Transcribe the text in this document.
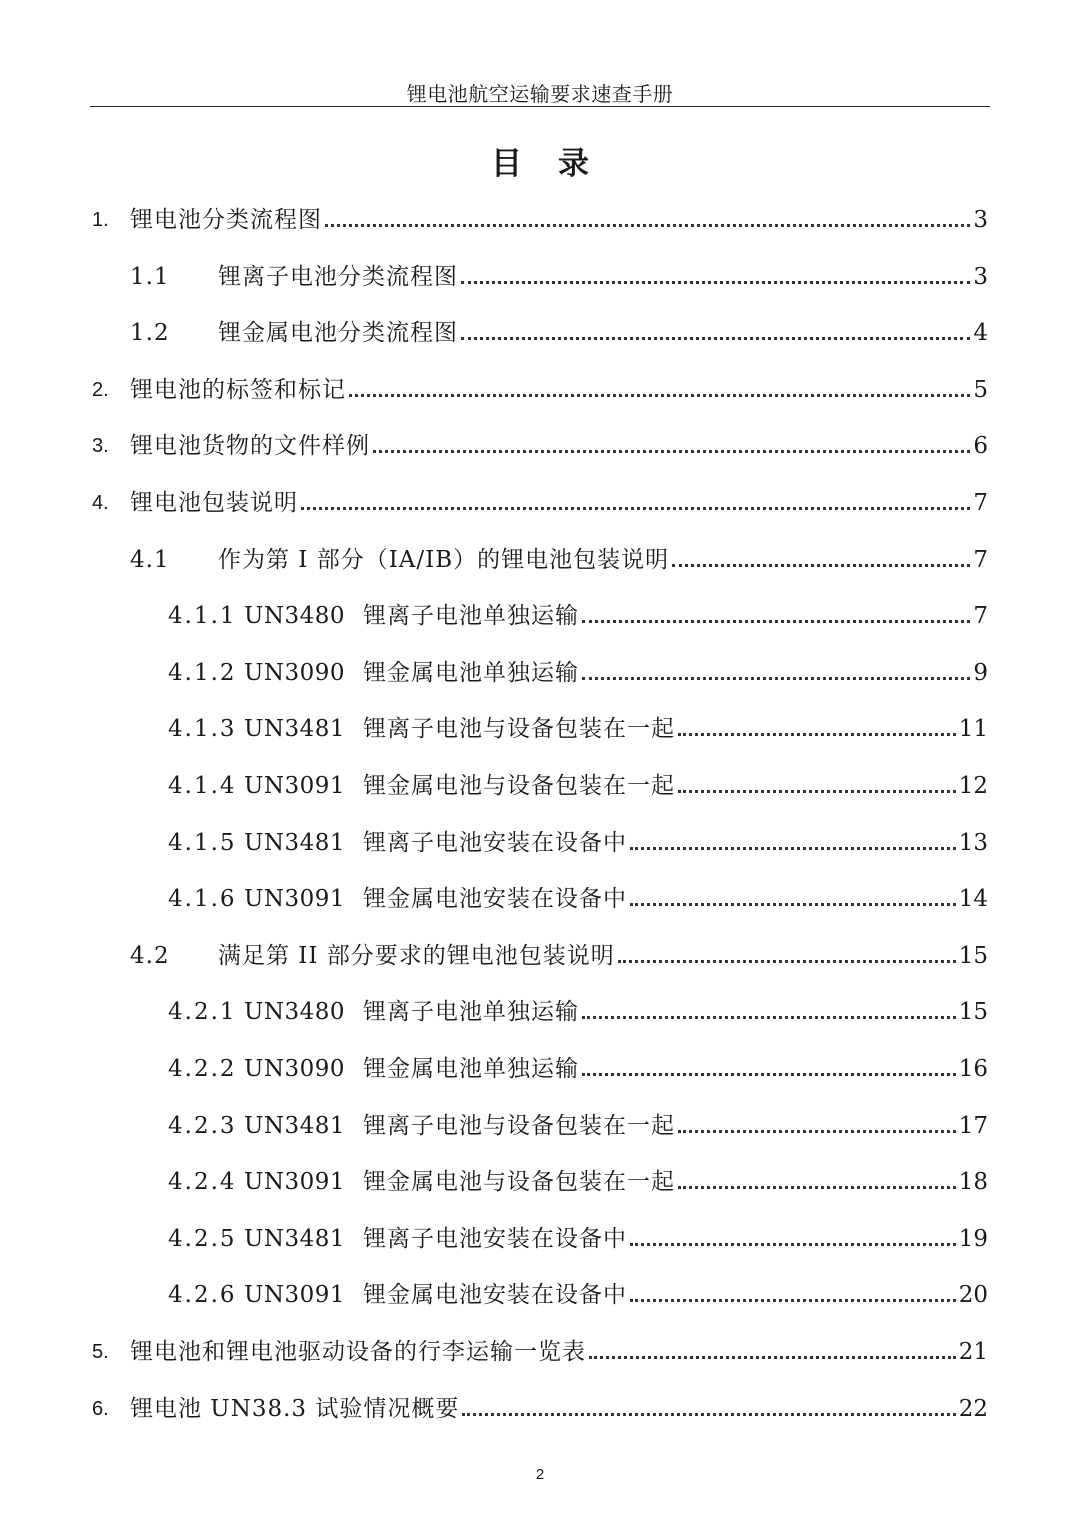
锂电池航空运输要求速查手册
目录
1. 锂电池分类流程图	3
1.1	锂离子电池分类流程图	3
1.2	锂金属电池分类流程图	4
2. 锂电池的标签和标记	5
3. 锂电池货物的文件样例	6
4. 锂电池包装说明	7
4.1	作为第 I 部分（IA/IB）的锂电池包装说明	7
4.1.1 UN3480 锂离子电池单独运输	7
4.1.2 UN3090 锂金属电池单独运输	9
4.1.3 UN3481 锂离子电池与设备包装在一起	11
4.1.4 UN3091 锂金属电池与设备包装在一起	12
4.1.5 UN3481 锂离子电池安装在设备中	13
4.1.6 UN3091 锂金属电池安装在设备中	14
4.2	满足第 II 部分要求的锂电池包装说明	15
4.2.1 UN3480 锂离子电池单独运输	15
4.2.2 UN3090 锂金属电池单独运输	16
4.2.3 UN3481 锂离子电池与设备包装在一起	17
4.2.4 UN3091 锂金属电池与设备包装在一起	18
4.2.5 UN3481 锂离子电池安装在设备中	19
4.2.6 UN3091 锂金属电池安装在设备中	20
5. 锂电池和锂电池驱动设备的行李运输一览表	21
6. 锂电池 UN38.3 试验情况概要	22
2
